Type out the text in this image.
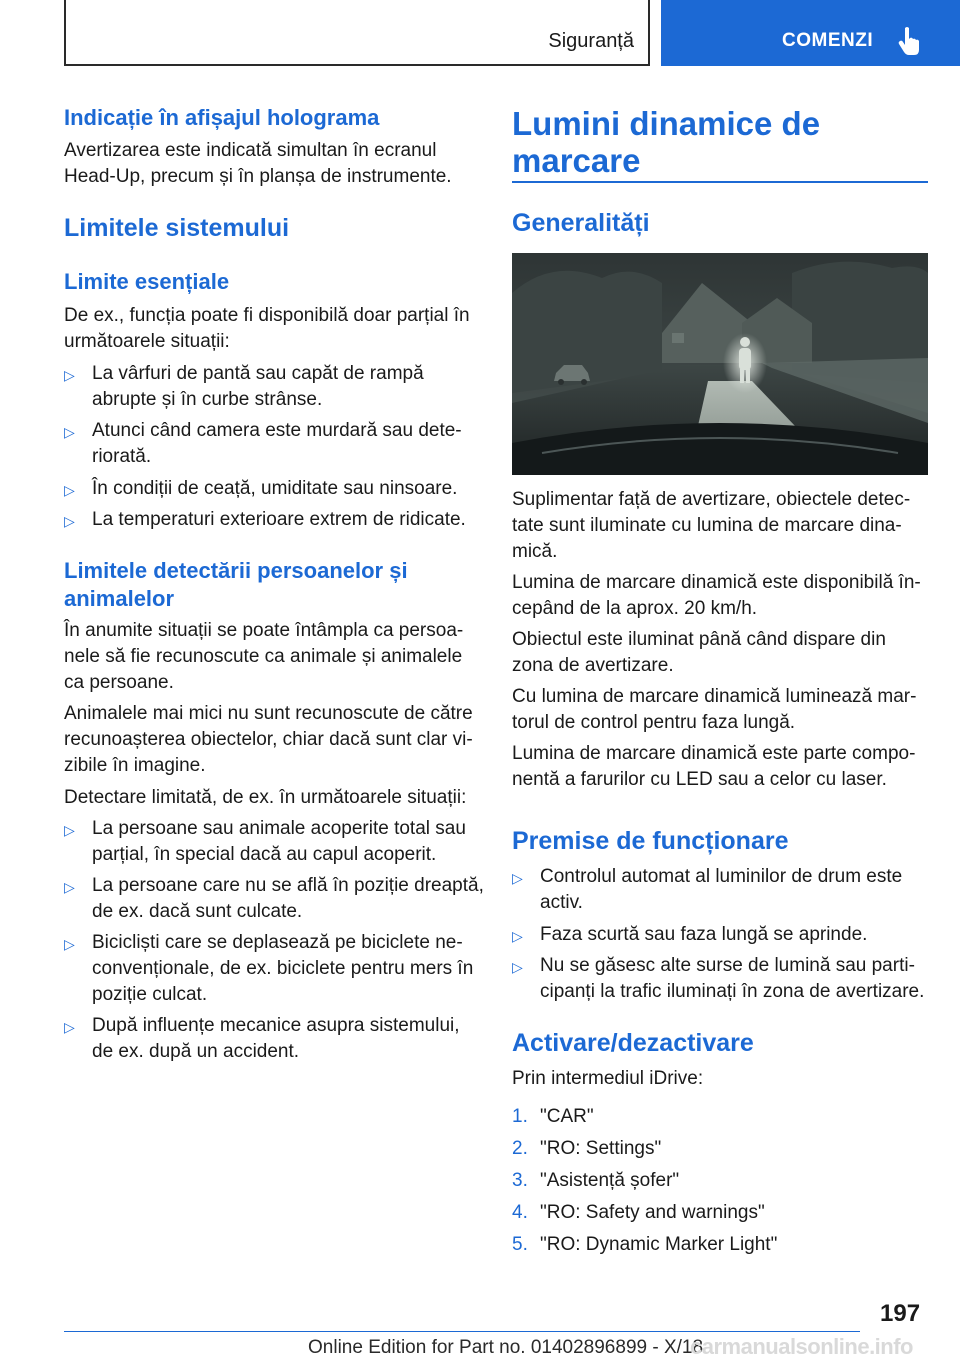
Siguranță	COMENZI
Indicație în afișajul holograma
Avertizarea este indicată simultan în ecranul
Head-Up, precum și în planșa de instrumente.
Limitele sistemului
Limite esențiale
De ex., funcția poate fi disponibilă doar parțial în
următoarele situații:
▷ La vârfuri de pantă sau capăt de rampă
abrupte și în curbe strânse.
▷ Atunci când camera este murdară sau dete-
riorată.
▷ În condiții de ceață, umiditate sau ninsoare.
▷ La temperaturi exterioare extrem de ridicate.
Limitele detectării persoanelor și
animalelor
În anumite situații se poate întâmpla ca persoa-
nele să fie recunoscute ca animale și animalele
ca persoane.
Animalele mai mici nu sunt recunoscute de către
recunoașterea obiectelor, chiar dacă sunt clar vi-
zibile în imagine.
Detectare limitată, de ex. în următoarele situații:
▷ La persoane sau animale acoperite total sau
parțial, în special dacă au capul acoperit.
▷ La persoane care nu se află în poziție dreaptă,
de ex. dacă sunt culcate.
▷ Bicicliști care se deplasează pe biciclete ne-
convenționale, de ex. biciclete pentru mers în
poziție culcat.
▷ După influențe mecanice asupra sistemului,
de ex. după un accident.
Lumini dinamice de
marcare
Generalități
Suplimentar față de avertizare, obiectele detec-
tate sunt iluminate cu lumina de marcare dina-
mică.
Lumina de marcare dinamică este disponibilă în-
cepând de la aprox. 20 km/h.
Obiectul este iluminat până când dispare din
zona de avertizare.
Cu lumina de marcare dinamică luminează mar-
torul de control pentru faza lungă.
Lumina de marcare dinamică este parte compo-
nentă a farurilor cu LED sau a celor cu laser.
Premise de funcționare
▷ Controlul automat al luminilor de drum este
activ.
▷ Faza scurtă sau faza lungă se aprinde.
▷ Nu se găsesc alte surse de lumină sau parti-
cipanți la trafic iluminați în zona de avertizare.
Activare/dezactivare
Prin intermediul iDrive:
1. "CAR"
2. "RO: Settings"
3. "Asistență șofer"
4. "RO: Safety and warnings"
5. "RO: Dynamic Marker Light"
197
Online Edition for Part no. 01402896899 - X/18
carmanualsonline.info
